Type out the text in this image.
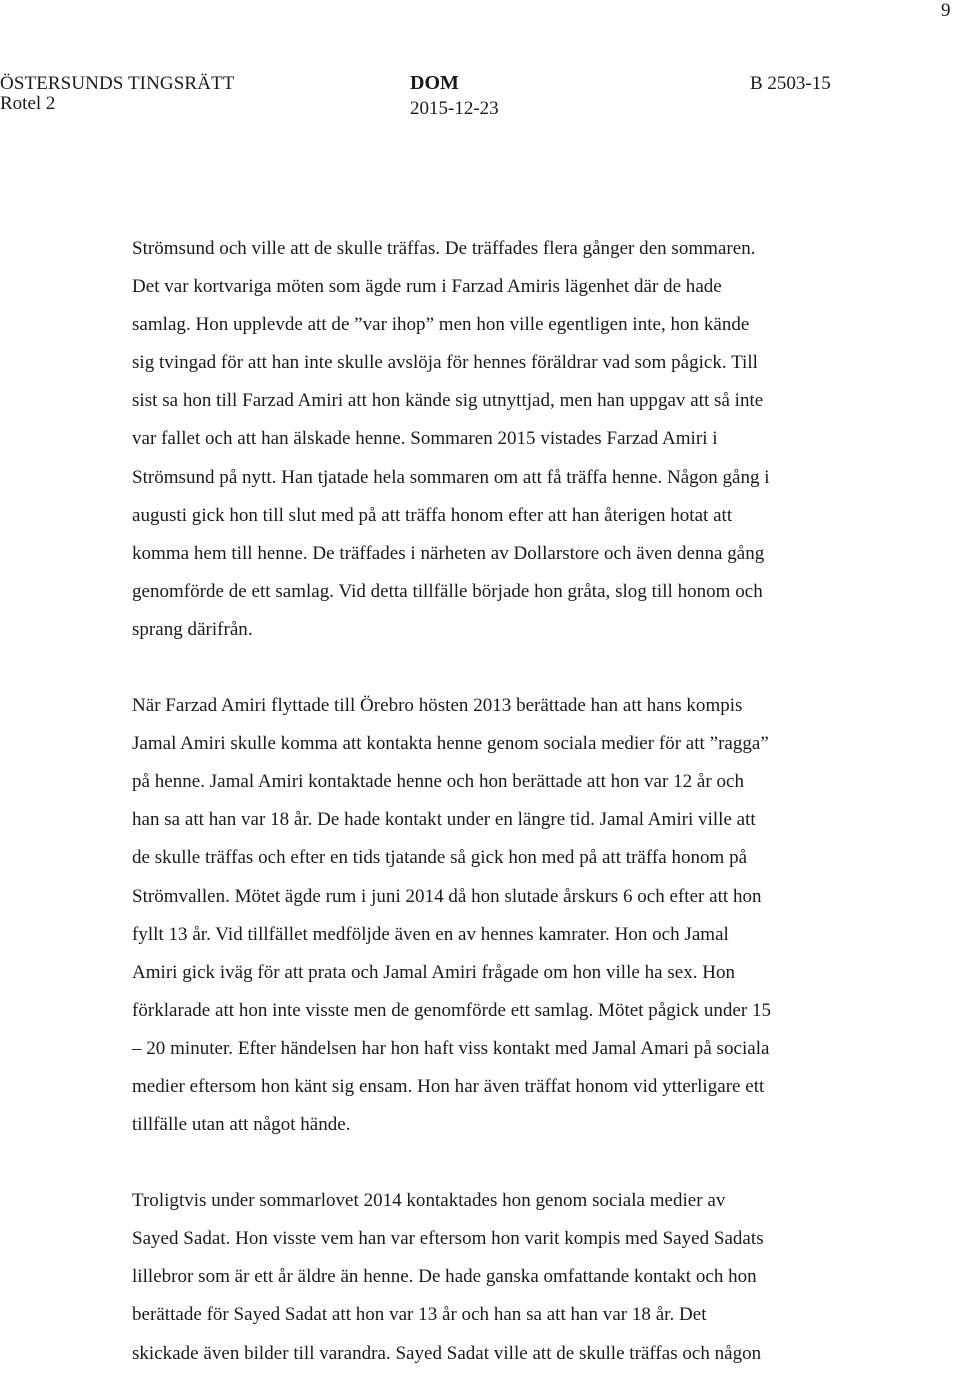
9
ÖSTERSUNDS TINGSRÄTT
Rotel 2
DOM
2015-12-23
B 2503-15

Strömsund och ville att de skulle träffas. De träffades flera gånger den sommaren.
Det var kortvariga möten som ägde rum i Farzad Amiris lägenhet där de hade
samlag. Hon upplevde att de ”var ihop” men hon ville egentligen inte, hon kände
sig tvingad för att han inte skulle avslöja för hennes föräldrar vad som pågick. Till
sist sa hon till Farzad Amiri att hon kände sig utnyttjad, men han uppgav att så inte
var fallet och att han älskade henne. Sommaren 2015 vistades Farzad Amiri i
Strömsund på nytt. Han tjatade hela sommaren om att få träffa henne. Någon gång i
augusti gick hon till slut med på att träffa honom efter att han återigen hotat att
komma hem till henne. De träffades i närheten av Dollarstore och även denna gång
genomförde de ett samlag. Vid detta tillfälle började hon gråta, slog till honom och
sprang därifrån.

När Farzad Amiri flyttade till Örebro hösten 2013 berättade han att hans kompis
Jamal Amiri skulle komma att kontakta henne genom sociala medier för att ”ragga”
på henne. Jamal Amiri kontaktade henne och hon berättade att hon var 12 år och
han sa att han var 18 år. De hade kontakt under en längre tid. Jamal Amiri ville att
de skulle träffas och efter en tids tjatande så gick hon med på att träffa honom på
Strömvallen. Mötet ägde rum i juni 2014 då hon slutade årskurs 6 och efter att hon
fyllt 13 år. Vid tillfället medföljde även en av hennes kamrater. Hon och Jamal
Amiri gick iväg för att prata och Jamal Amiri frågade om hon ville ha sex. Hon
förklarade att hon inte visste men de genomförde ett samlag. Mötet pågick under 15
– 20 minuter. Efter händelsen har hon haft viss kontakt med Jamal Amari på sociala
medier eftersom hon känt sig ensam. Hon har även träffat honom vid ytterligare ett
tillfälle utan att något hände.

Troligtvis under sommarlovet 2014 kontaktades hon genom sociala medier av
Sayed Sadat. Hon visste vem han var eftersom hon varit kompis med Sayed Sadats
lillebror som är ett år äldre än henne. De hade ganska omfattande kontakt och hon
berättade för Sayed Sadat att hon var 13 år och han sa att han var 18 år. Det
skickade även bilder till varandra. Sayed Sadat ville att de skulle träffas och någon
